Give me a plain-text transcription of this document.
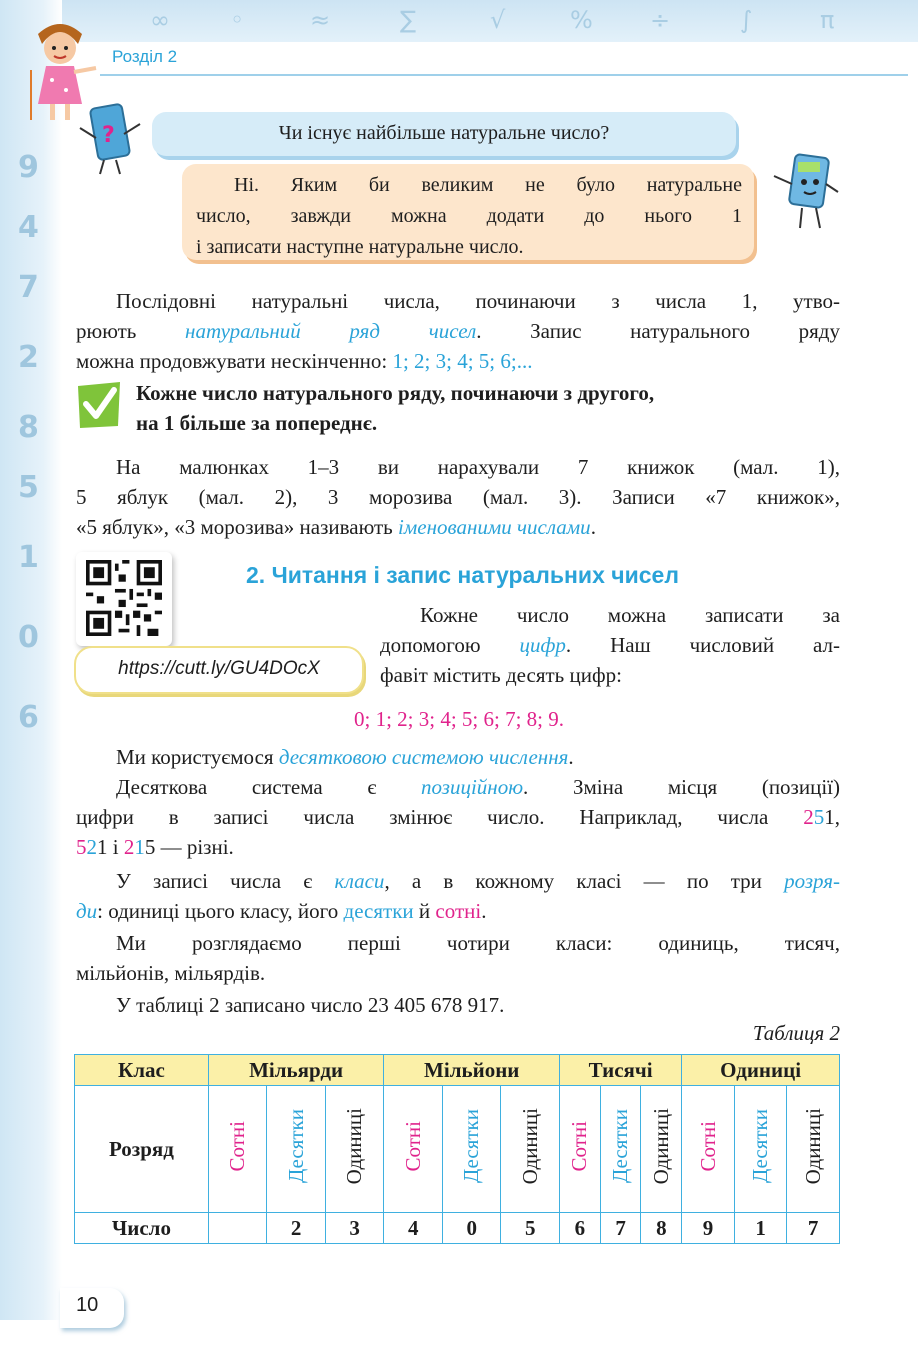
∞	◦	≈	∑	√	% ÷	∫	π
9
4
7
2
8
5
1
0
6
Розділ 2
?	Чи існує найбільше натуральне число?
Ні. Яким би великим не було натуральне
число, завжди можна додати до нього 1
і записати наступне натуральне число.
Послідовні натуральні числа, починаючи з числа 1, утво-
рюють натуральний ряд чисел. Запис натурального ряду
можна продовжувати нескінченно: 1; 2; 3; 4; 5; 6;...
Кожне число натурального ряду, починаючи з другого,
на 1 більше за попереднє.
На малюнках 1–3 ви нарахували 7 книжок (мал. 1),
5 яблук (мал. 2), 3 морозива (мал. 3). Записи «7 книжок»,
«5 яблук», «3 морозива» називають іменованими числами.
https://cutt.ly/GU4DOcX
2. Читання і запис натуральних чисел
Кожне число можна записати за
допомогою цифр. Наш числовий ал-
фавіт містить десять цифр:
0; 1; 2; 3; 4; 5; 6; 7; 8; 9.
Ми користуємося десятковою системою числення.
Десяткова система є позиційною. Зміна місця (позиції)
цифри в записі числа змінює число. Наприклад, числа 251,
521 і 215 — різні.
У записі числа є класи, а в кожному класі — по три розря-
ди: одиниці цього класу, його десятки й сотні.
Ми розглядаємо перші чотири класи: одиниць, тисяч,
мільйонів, мільярдів.
У таблиці 2 записано число 23 405 678 917.
Таблиця 2
Клас	Мільярди			Мільйони			Тисячі			Одиниці		
Розряд	Сотні	Десятки	Одиниці	Сотні	Десятки	Одиниці	Сотні	Десятки	Одиниці	Сотні	Десятки	Одиниці
Число		2	3	4	0	5	6	7	8	9	1	7
10
